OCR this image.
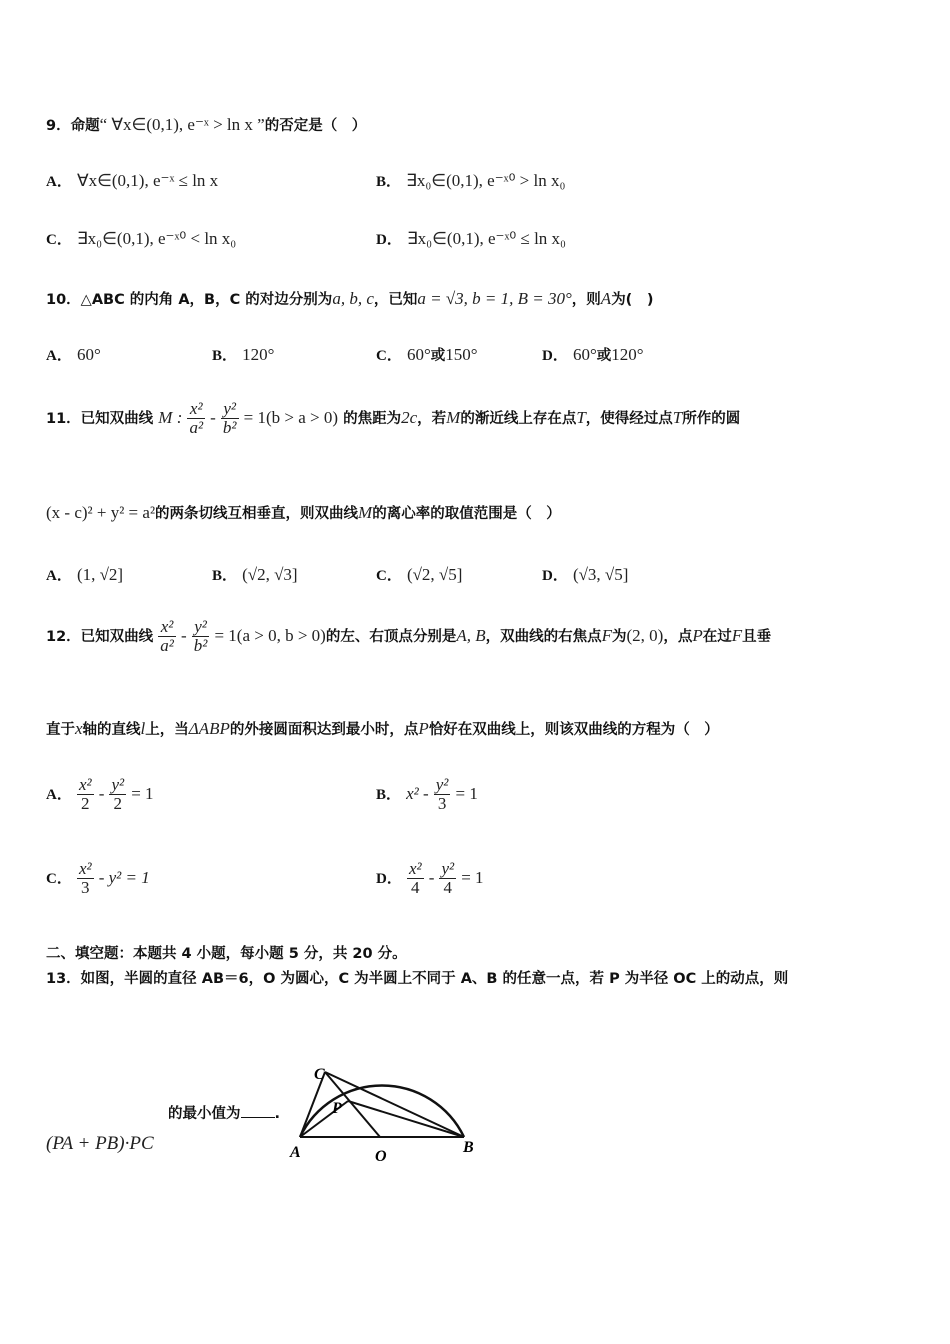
9．命题“ ∀x∈(0,1), e⁻ˣ > ln x ”的否定是（　）
A． ∀x∈(0,1), e⁻ˣ ≤ ln x	B． ∃x₀∈(0,1), e⁻ˣ⁰ > ln x₀
C． ∃x₀∈(0,1), e⁻ˣ⁰ < ln x₀	D． ∃x₀∈(0,1), e⁻ˣ⁰ ≤ ln x₀
10．△ABC 的内角 A，B，C 的对边分别为a, b, c，已知a = √3, b = 1, B = 30°，则A为(　)
A． 60°	B． 120°	C． 60°或150°	D． 60°或120°
11．已知双曲线 M : $\frac{\text{x²}}{\text{a²}} - \frac{\text{y²}}{\text{b²}} = 1(b > a > 0)$ 的焦距为2c，若M的渐近线上存在点T，使得经过点T所作的圆
(x - c)² + y² = a²的两条切线互相垂直，则双曲线M的离心率的取值范围是（　）
A． (1, √2]	B． (√2, √3]	C． (√2, √5]	D． (√3, √5]
12．已知双曲线 $\frac{\text{x²}}{\text{a²}} - \frac{\text{y²}}{\text{b²}} = 1(a > 0$, b > 0)的左、右顶点分别是A, B，双曲线的右焦点F为(2, 0)，点P在过F且垂
直于x轴的直线l上，当ΔABP的外接圆面积达到最小时，点P恰好在双曲线上，则该双曲线的方程为（　）
A． $\frac{\text{x²}}{2} - \frac{\text{y²}}{2} = 1$	B． $x^2 - \frac{\text{y²}}{3} = 1$
C． $\frac{\text{x²}}{3} - y^2 = 1$	D． $\frac{\text{x²}}{4} - \frac{\text{y²}}{4} = 1$
二、填空题：本题共 4 小题，每小题 5 分，共 20 分。
13．如图，半圆的直径 AB＝6，O 为圆心，C 为半圆上不同于 A、B 的任意一点，若 P 为半径 OC 上的动点，则
的最小值为 .
(PA + PB)·PC
C
P
A	O
B
